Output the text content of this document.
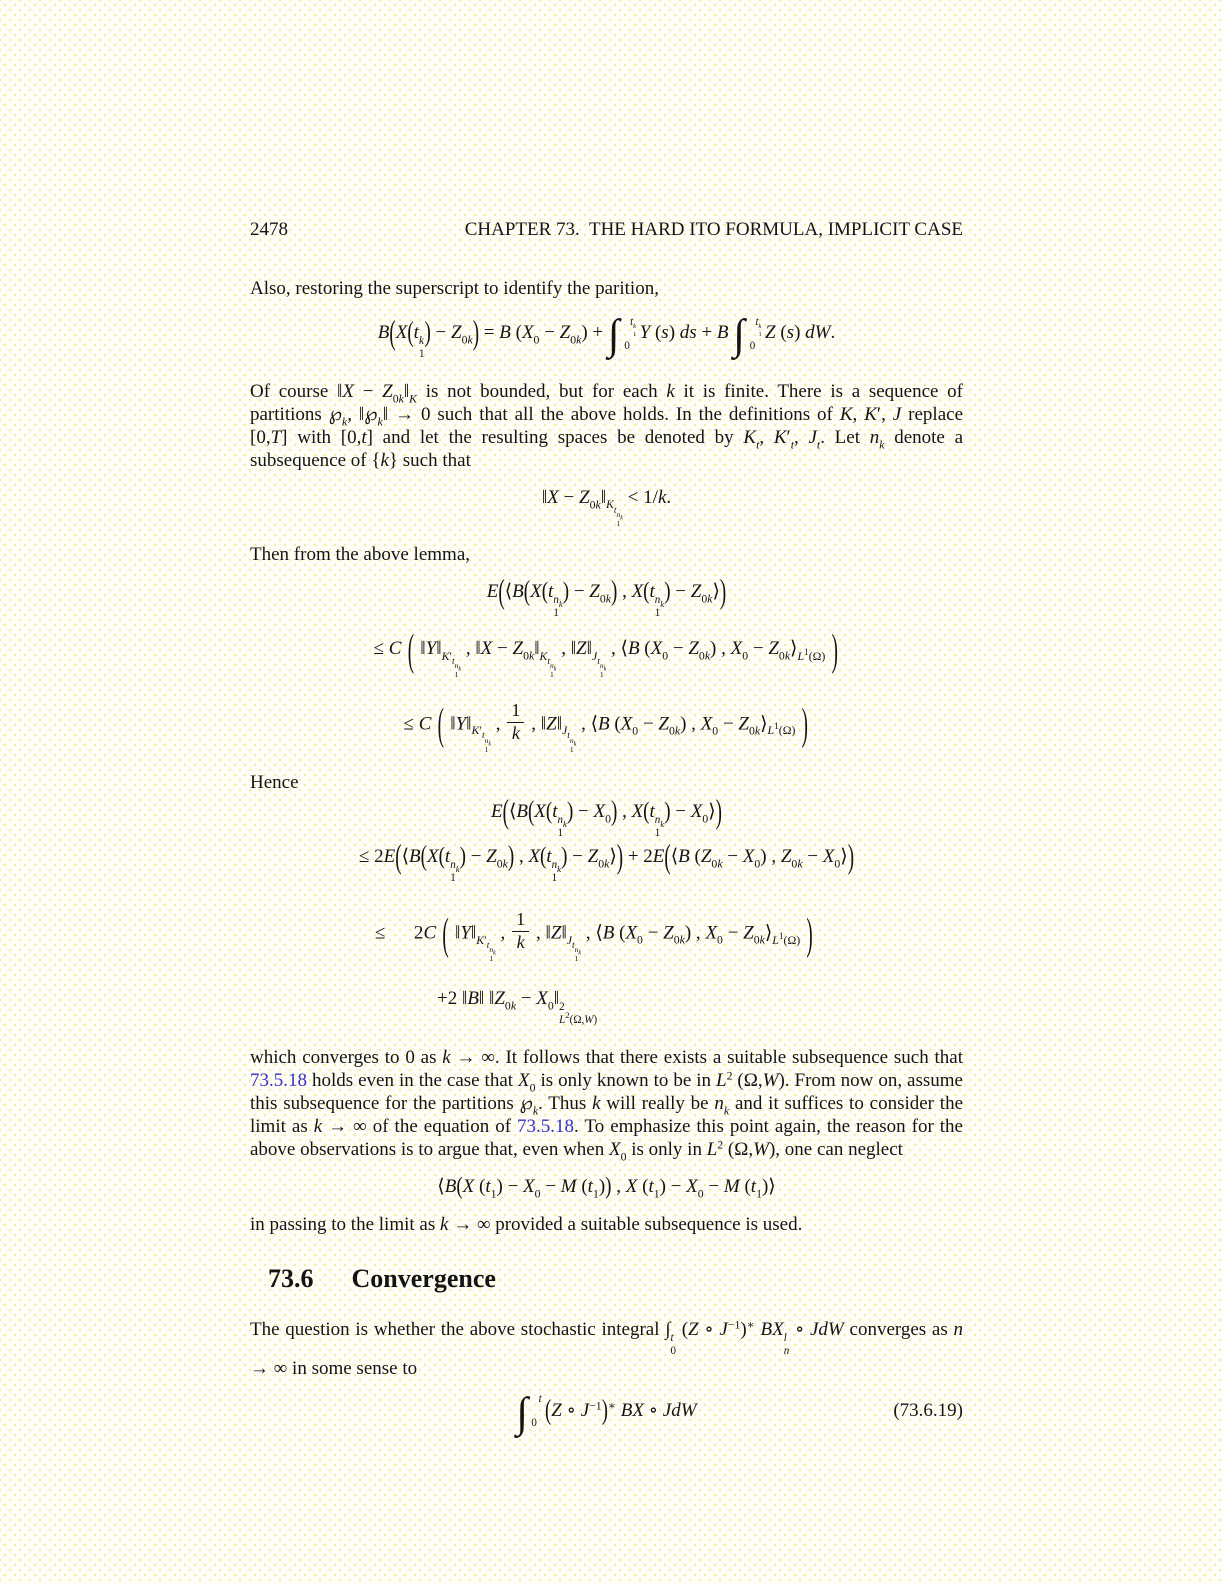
2478	CHAPTER 73.  THE HARD ITO FORMULA, IMPLICIT CASE

Also, restoring the superscript to identify the parition,

B(X(t k
1
) − $Z_{0k}) = B$ $(X_0 - Z_{0k})$ + ∫ t k
1
0
Y (s) ds + B ∫ t k
1
0
Z (s) dW.

Of course ‖X − $Z_{0k}‖_K$ is not bounded, but for each k it is finite. There is a sequence of partitions $℘_k$, $‖℘_k‖ \to 0$ such that all the above holds. In the definitions of K, K′, J replace [0,T] with [0,t] and let the resulting spaces be denoted by $K_t$, $K'_t$, $J_t$. Let $n_k$ denote a subsequence of {k} such that

‖X − $Z_{0k}‖_{K_{t n_k 1}}$
< 1/k.

Then from the above lemma,

E(⟨B(X(t $n_k$
1
) − $Z_{0k}$) , X(t $n_k$
1
) − $Z_{0k}⟩$)
≤ C ( $‖Y‖_{K'_{t n_k 1}}$
, ‖X − $Z_{0k}‖_{K_{t n_k 1}}$
, $‖Z‖_{J_{t n_k 1}}$
, ⟨B $(X_0 - Z_{0k})$ , $X_0$ − $Z_{0k}⟩_{L^1(\Omega)}$ )
≤ C ( $‖Y‖_{K'_{t n_k 1}}$
, $\frac{1}{k}$ , $‖Z‖_{J_{t n_k 1}}$
, ⟨B $(X_0 - Z_{0k})$ , $X_0$ − $Z_{0k}⟩_{L^1(\Omega)}$ )

Hence

E(⟨B(X(t $n_k$
1
) − $X_0$) , X(t $n_k$
1
) − $X_0⟩$)
≤ 2E(⟨B(X(t $n_k$
1
) − $Z_{0k}$) , X(t $n_k$
1
) − $Z_{0k}⟩$) + 2E(⟨B $(Z_{0k} - X_0)$ , $Z_{0k}$ − $X_0⟩$)
≤   2C ( $‖Y‖_{K'_{t n_k 1}}$
, $\frac{1}{k}$ , $‖Z‖_{J_{t n_k 1}}$
, ⟨B $(X_0 - Z_{0k})$ , $X_0$ − $Z_{0k}⟩_{L^1(\Omega)}$ )
+2 ‖B‖ $‖Z_{0k}$ − $X_0‖$ 2
$L^2(\Omega,W)$

which converges to 0 as k → ∞. It follows that there exists a suitable subsequence such that 73.5.18 holds even in the case that $X_0$ is only known to be in $L^2$ (Ω,W). From now on, assume this subsequence for the partitions $℘_k$. Thus k will really be $n_k$ and it suffices to consider the limit as k → ∞ of the equation of 73.5.18. To emphasize this point again, the reason for the above observations is to argue that, even when $X_0$ is only in $L^2$ (Ω,W), one can neglect

⟨B(X $(t_1) - X_0 - M$ $(t_1)$) , X $(t_1) - X_0 - M$ $(t_1)⟩$

in passing to the limit as k → ∞ provided a suitable subsequence is used.

73.6 Convergence

The question is whether the above stochastic integral ∫ t
0
(Z ∘ $J^{-1})^∗$ BX l
n
∘ JdW converges as n → ∞ in some sense to

∫ t
0 (Z ∘ $J^{-1})^∗$ BX ∘ JdW	(73.6.19)
